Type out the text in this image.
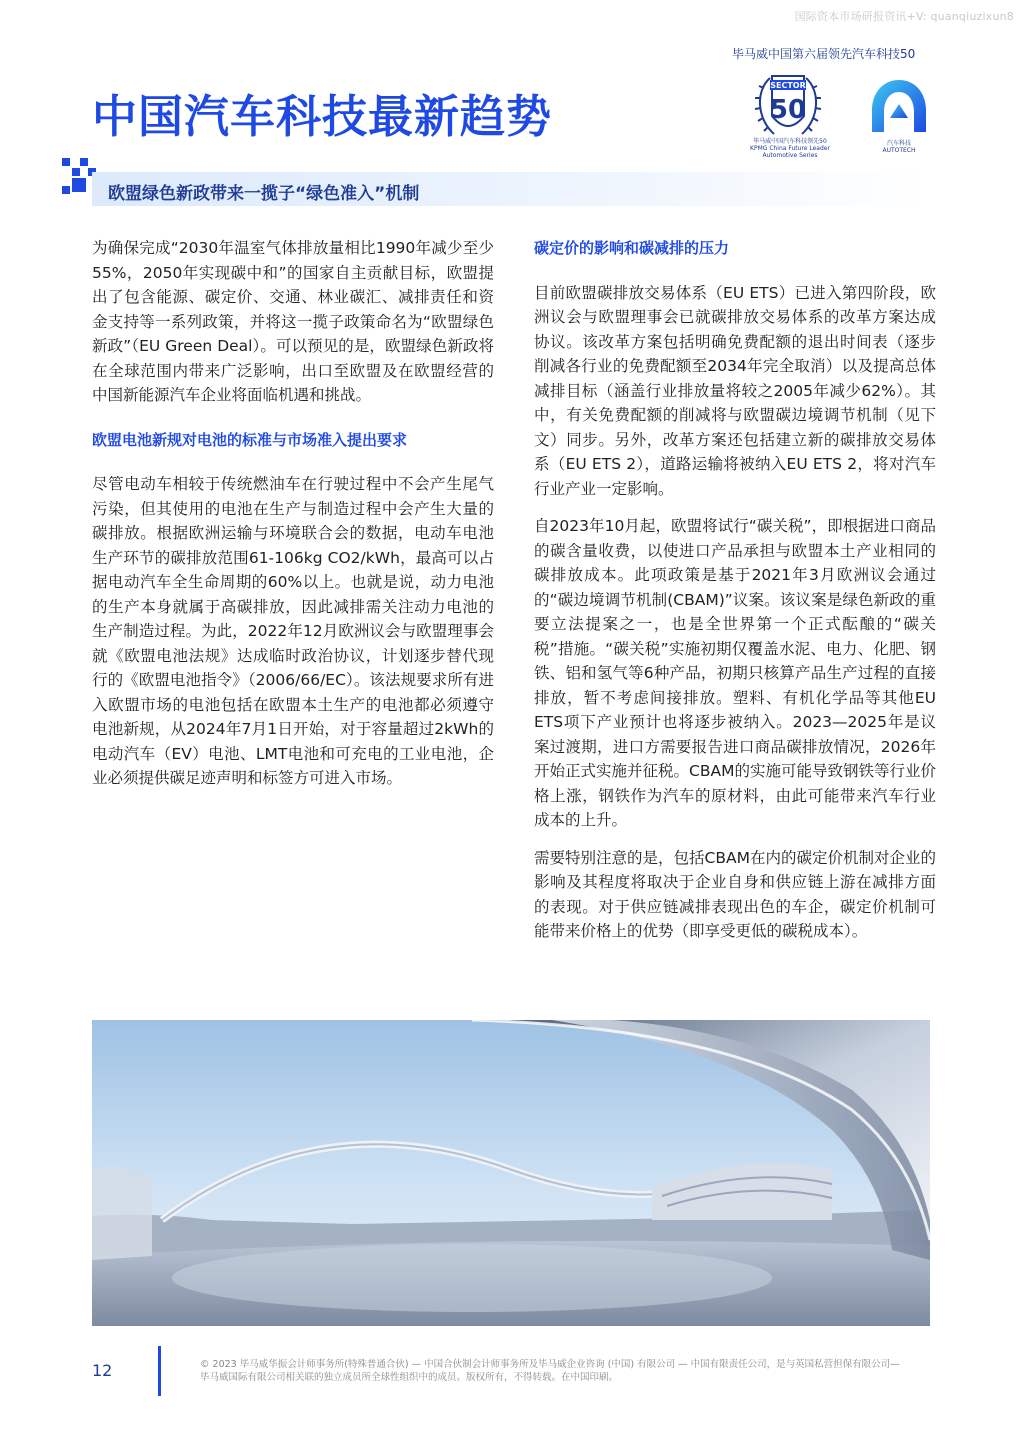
国际资本市场研报资讯+V: quanqiuzixun8
毕马威中国第六届领先汽车科技50
中国汽车科技最新趋势
SECTOR
50
毕马威中国汽车科技领先50
KPMG China Future Leader Automotive Series
汽车科技
AUTOTECH
欧盟绿色新政带来一揽子“绿色准入”机制

为确保完成“2030年温室气体排放量相比1990年减少至少55%，2050年实现碳中和”的国家自主贡献目标，欧盟提出了包含能源、碳定价、交通、林业碳汇、减排责任和资金支持等一系列政策，并将这一揽子政策命名为“欧盟绿色新政”（EU Green Deal）。可以预见的是，欧盟绿色新政将在全球范围内带来广泛影响，出口至欧盟及在欧盟经营的中国新能源汽车企业将面临机遇和挑战。

欧盟电池新规对电池的标准与市场准入提出要求

尽管电动车相较于传统燃油车在行驶过程中不会产生尾气污染，但其使用的电池在生产与制造过程中会产生大量的碳排放。根据欧洲运输与环境联合会的数据，电动车电池生产环节的碳排放范围61-106kg CO2/kWh，最高可以占据电动汽车全生命周期的60%以上。也就是说，动力电池的生产本身就属于高碳排放，因此减排需关注动力电池的生产制造过程。为此，2022年12月欧洲议会与欧盟理事会就《欧盟电池法规》达成临时政治协议，计划逐步替代现行的《欧盟电池指令》（2006/66/EC）。该法规要求所有进入欧盟市场的电池包括在欧盟本土生产的电池都必须遵守电池新规，从2024年7月1日开始，对于容量超过2kWh的电动汽车（EV）电池、LMT电池和可充电的工业电池，企业必须提供碳足迹声明和标签方可进入市场。

碳定价的影响和碳减排的压力

目前欧盟碳排放交易体系（EU ETS）已进入第四阶段，欧洲议会与欧盟理事会已就碳排放交易体系的改革方案达成协议。该改革方案包括明确免费配额的退出时间表（逐步削减各行业的免费配额至2034年完全取消）以及提高总体减排目标（涵盖行业排放量将较之2005年减少62%）。其中，有关免费配额的削减将与欧盟碳边境调节机制（见下文）同步。另外，改革方案还包括建立新的碳排放交易体系（EU ETS 2），道路运输将被纳入EU ETS 2，将对汽车行业产业一定影响。

自2023年10月起，欧盟将试行“碳关税”，即根据进口商品的碳含量收费，以使进口产品承担与欧盟本土产业相同的碳排放成本。此项政策是基于2021年3月欧洲议会通过的“碳边境调节机制(CBAM)”议案。该议案是绿色新政的重要立法提案之一，也是全世界第一个正式酝酿的“碳关税”措施。“碳关税”实施初期仅覆盖水泥、电力、化肥、钢铁、铝和氢气等6种产品，初期只核算产品生产过程的直接排放，暂不考虑间接排放。塑料、有机化学品等其他EU ETS项下产业预计也将逐步被纳入。2023—2025年是议案过渡期，进口方需要报告进口商品碳排放情况，2026年开始正式实施并征税。CBAM的实施可能导致钢铁等行业价格上涨，钢铁作为汽车的原材料，由此可能带来汽车行业成本的上升。

需要特别注意的是，包括CBAM在内的碳定价机制对企业的影响及其程度将取决于企业自身和供应链上游在减排方面的表现。对于供应链减排表现出色的车企，碳定价机制可能带来价格上的优势（即享受更低的碳税成本）。

12	© 2023 毕马威华振会计师事务所(特殊普通合伙) — 中国合伙制会计师事务所及毕马威企业咨询 (中国) 有限公司 — 中国有限责任公司，是与英国私营担保有限公司—
毕马威国际有限公司相关联的独立成员所全球性组织中的成员。版权所有，不得转载。在中国印刷。
